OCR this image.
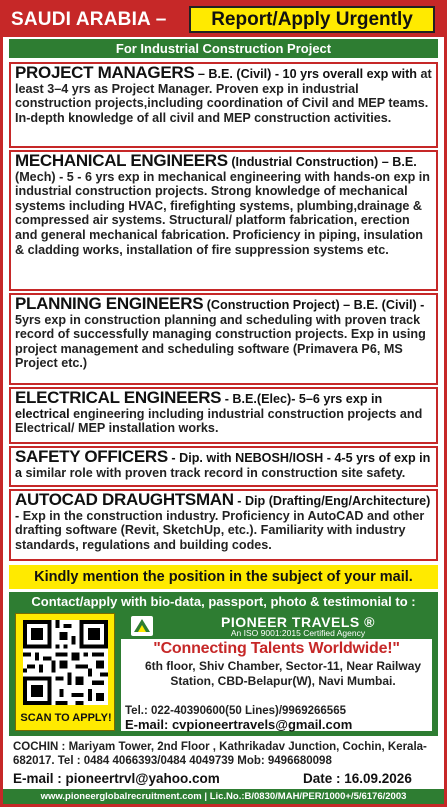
SAUDI ARABIA –	Report/Apply Urgently
For Industrial Construction Project
PROJECT MANAGERS – B.E. (Civil) - 10 yrs overall exp with at least 3–4 yrs as Project Manager. Proven exp in industrial construction projects,including coordination of Civil and MEP teams. In-depth knowledge of all civil and MEP construction activities.
MECHANICAL ENGINEERS (Industrial Construction) – B.E. (Mech) - 5 - 6 yrs exp in mechanical engineering with hands-on exp in industrial construction projects. Strong knowledge of mechanical systems including HVAC, firefighting systems, plumbing,drainage & compressed air systems. Structural/ platform fabrication, erection and general mechanical fabrication. Proficiency in piping, insulation & cladding works, installation of fire suppression systems etc.
PLANNING ENGINEERS (Construction Project) – B.E. (Civil) - 5yrs exp in construction planning and scheduling with proven track record of successfully managing construction projects. Exp in using project management and scheduling software (Primavera P6, MS Project etc.)
ELECTRICAL ENGINEERS - B.E.(Elec)- 5–6 yrs exp in electrical engineering including industrial construction projects and Electrical/ MEP installation works.
SAFETY OFFICERS - Dip. with NEBOSH/IOSH - 4-5 yrs of exp in a similar role with proven track record in construction site safety.
AUTOCAD DRAUGHTSMAN - Dip (Drafting/Eng/Architecture) - Exp in the construction industry. Proficiency in AutoCAD and other drafting software (Revit, SketchUp, etc.). Familiarity with industry standards, regulations and building codes.
Kindly mention the position in the subject of your mail.
Contact/apply with bio-data, passport, photo & testimonial to :
SCAN TO APPLY!
PIONEER TRAVELS ®
An ISO 9001:2015 Certified Agency
"Connecting Talents Worldwide!"
6th floor, Shiv Chamber, Sector-11, Near Railway Station, CBD-Belapur(W), Navi Mumbai.
Tel.: 022-40390600(50 Lines)/9969266565
E-mail: cvpioneertravels@gmail.com
COCHIN : Mariyam Tower, 2nd Floor , Kathrikadav Junction, Cochin, Kerala- 682017. Tel : 0484 4066393/0484 4049739 Mob: 9496680098
E-mail : pioneertrvl@yahoo.com	Date : 16.09.2026
www.pioneerglobalrecruitment.com | Lic.No.:B/0830/MAH/PER/1000+/5/6176/2003
